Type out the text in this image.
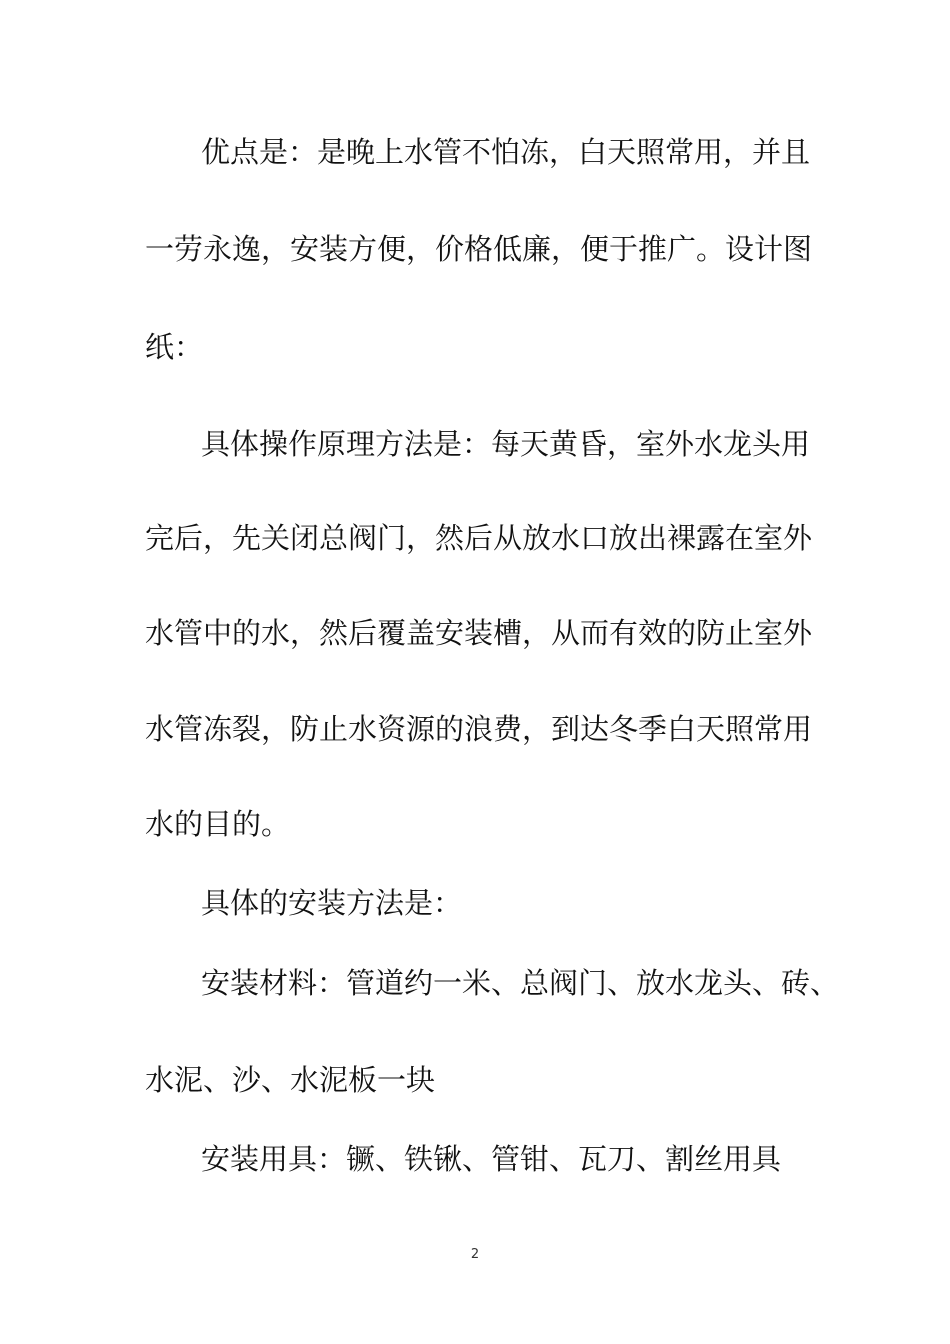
优点是：是晚上水管不怕冻，白天照常用，并且
一劳永逸，安装方便，价格低廉，便于推广。设计图
纸：
具体操作原理方法是：每天黄昏，室外水龙头用
完后，先关闭总阀门，然后从放水口放出裸露在室外
水管中的水，然后覆盖安装槽，从而有效的防止室外
水管冻裂，防止水资源的浪费，到达冬季白天照常用
水的目的。
具体的安装方法是：
安装材料：管道约一米、总阀门、放水龙头、砖、
水泥、沙、水泥板一块
安装用具：镢、铁锹、管钳、瓦刀、割丝用具
2
